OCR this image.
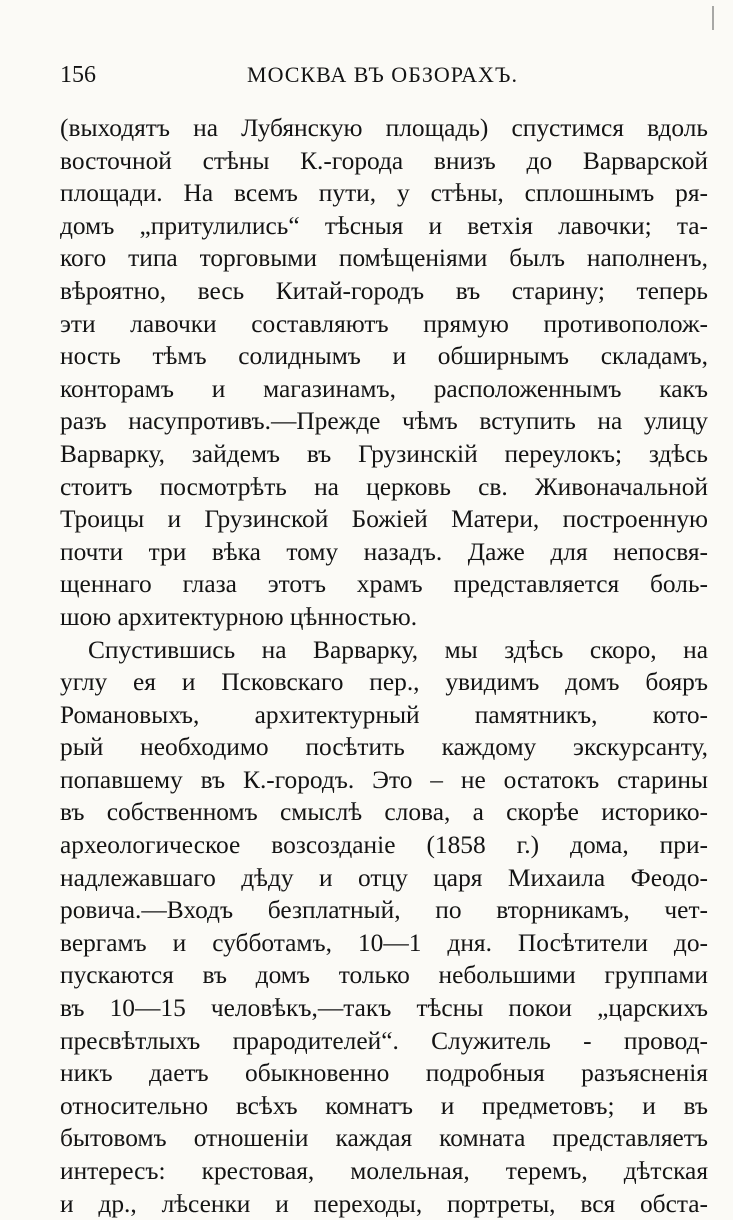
156	МОСКВА ВЪ ОБЗОРАХЪ.
(выходятъ на Лубянскую площадь) спустимся вдоль
восточной стѣны К.-города внизъ до Варварской
площади. На всемъ пути, у стѣны, сплошнымъ ря-
домъ „притулились“ тѣсныя и ветхія лавочки; та-
кого типа торговыми помѣщеніями былъ наполненъ,
вѣроятно, весь Китай-городъ въ старину; теперь
эти лавочки составляютъ прямую противополож-
ность тѣмъ солиднымъ и обширнымъ складамъ,
конторамъ и магазинамъ, расположеннымъ какъ
разъ насупротивъ.—Прежде чѣмъ вступить на улицу
Варварку, зайдемъ въ Грузинскій переулокъ; здѣсь
стоитъ посмотрѣть на церковь св. Живоначальной
Троицы и Грузинской Божіей Матери, построенную
почти три вѣка тому назадъ. Даже для непосвя-
щеннаго глаза этотъ храмъ представляется боль-
шою архитектурною цѣнностью.
Спустившись на Варварку, мы здѣсь скоро, на
углу ея и Псковскаго пер., увидимъ домъ бояръ
Романовыхъ, архитектурный памятникъ, кото-
рый необходимо посѣтить каждому экскурсанту,
попавшему въ К.-городъ. Это – не остатокъ старины
въ собственномъ смыслѣ слова, а скорѣе историко-
археологическое возсозданіе (1858 г.) дома, при-
надлежавшаго дѣду и отцу царя Михаила Феодо-
ровича.—Входъ безплатный, по вторникамъ, чет-
вергамъ и субботамъ, 10—1 дня. Посѣтители до-
пускаются въ домъ только небольшими группами
въ 10—15 человѣкъ,—такъ тѣсны покои „царскихъ
пресвѣтлыхъ прародителей“. Служитель - провод-
никъ даетъ обыкновенно подробныя разъясненія
относительно всѣхъ комнатъ и предметовъ; и въ
бытовомъ отношеніи каждая комната представляетъ
интересъ: крестовая, молельная, теремъ, дѣтская
и др., лѣсенки и переходы, портреты, вся обста-
